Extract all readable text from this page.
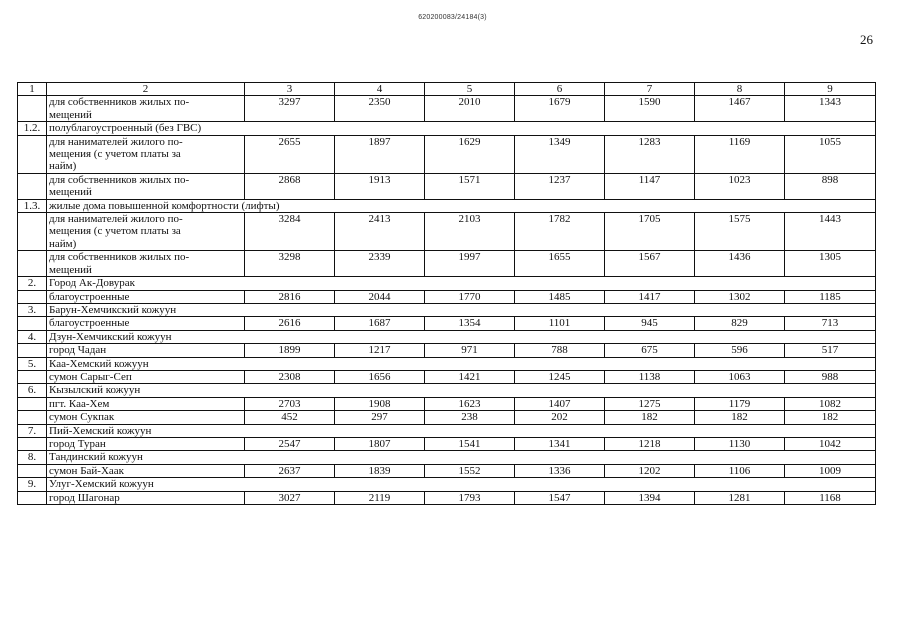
620200083/24184(3)
26
1	2	3	4	5	6	7	8	9
	для собственников жилых по-
мещений	3297	2350	2010	1679	1590	1467	1343
1.2.	полублагоустроенный (без ГВС)							
	для нанимателей жилого по-
мещения (с учетом платы за
найм)	2655	1897	1629	1349	1283	1169	1055
	для собственников жилых по-
мещений	2868	1913	1571	1237	1147	1023	898
1.3.	жилые дома повышенной комфортности (лифты)							
	для нанимателей жилого по-
мещения (с учетом платы за
найм)	3284	2413	2103	1782	1705	1575	1443
	для собственников жилых по-
мещений	3298	2339	1997	1655	1567	1436	1305
2.	Город Ак-Довурак							
	благоустроенные	2816	2044	1770	1485	1417	1302	1185
3.	Барун-Хемчикский кожуун							
	благоустроенные	2616	1687	1354	1101	945	829	713
4.	Дзун-Хемчикский кожуун							
	город Чадан	1899	1217	971	788	675	596	517
5.	Каа-Хемский кожуун							
	сумон Сарыг-Сеп	2308	1656	1421	1245	1138	1063	988
6.	Кызылский кожуун							
	пгт. Каа-Хем	2703	1908	1623	1407	1275	1179	1082
	сумон Сукпак	452	297	238	202	182	182	182
7.	Пий-Хемский кожуун							
	город Туран	2547	1807	1541	1341	1218	1130	1042
8.	Тандинский кожуун							
	сумон Бай-Хаак	2637	1839	1552	1336	1202	1106	1009
9.	Улуг-Хемский кожуун							
	город Шагонар	3027	2119	1793	1547	1394	1281	1168
